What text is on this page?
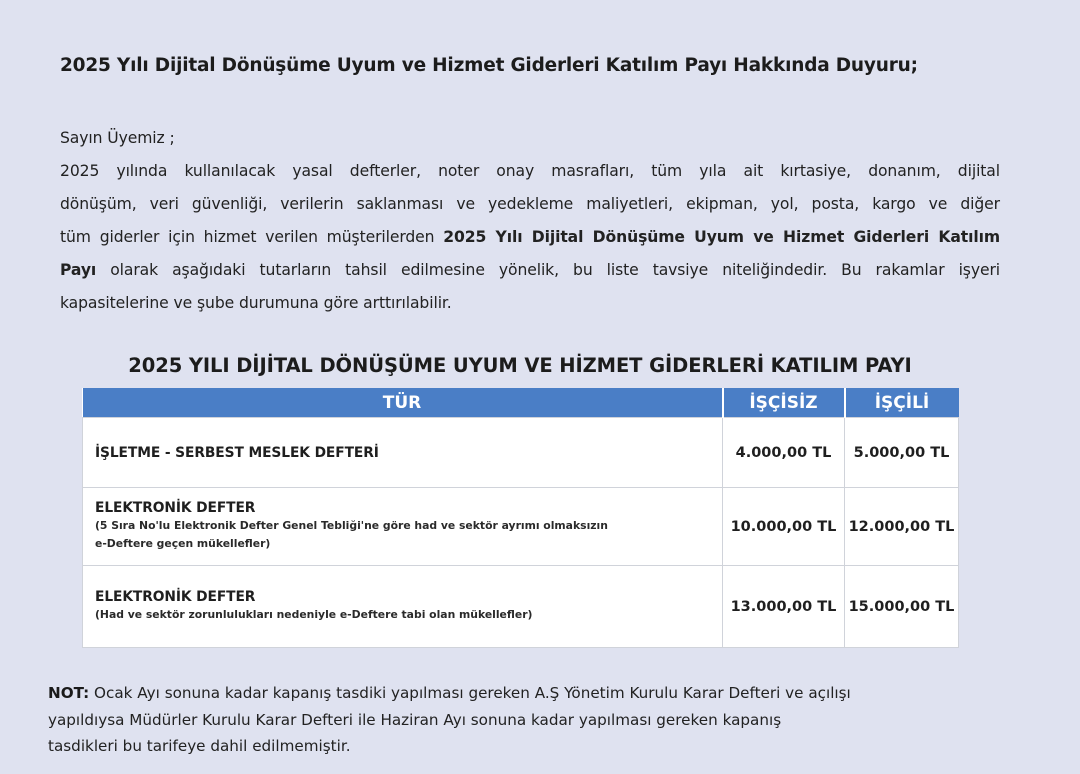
2025 Yılı Dijital Dönüşüme Uyum ve Hizmet Giderleri Katılım Payı Hakkında Duyuru;

Sayın Üyemiz ;

2025 yılında kullanılacak yasal defterler, noter onay masrafları, tüm yıla ait kırtasiye, donanım, dijital

dönüşüm, veri güvenliği, verilerin saklanması ve yedekleme maliyetleri, ekipman, yol, posta, kargo ve diğer

tüm giderler için hizmet verilen müşterilerden 2025 Yılı Dijital Dönüşüme Uyum ve Hizmet Giderleri Katılım

Payı olarak aşağıdaki tutarların tahsil edilmesine yönelik, bu liste tavsiye niteliğindedir. Bu rakamlar işyeri

kapasitelerine ve şube durumuna göre arttırılabilir.

2025 YILI DİJİTAL DÖNÜŞÜME UYUM VE HİZMET GİDERLERİ KATILIM PAYI
TÜR	İŞÇİSİZ	İŞÇİLİ

İŞLETME - SERBEST MESLEK DEFTERİ	4.000,00 TL	5.000,00 TL

ELEKTRONİK DEFTER
(5 Sıra No'lu Elektronik Defter Genel Tebliği'ne göre had ve sektör ayrımı olmaksızın
e-Deftere geçen mükellefler)	10.000,00 TL	12.000,00 TL

ELEKTRONİK DEFTER
(Had ve sektör zorunlulukları nedeniyle e-Deftere tabi olan mükellefler)	13.000,00 TL	15.000,00 TL
NOT: Ocak Ayı sonuna kadar kapanış tasdiki yapılması gereken A.Ş Yönetim Kurulu Karar Defteri ve açılışı
yapıldıysa Müdürler Kurulu Karar Defteri ile Haziran Ayı sonuna kadar yapılması gereken kapanış
tasdikleri bu tarifeye dahil edilmemiştir.
